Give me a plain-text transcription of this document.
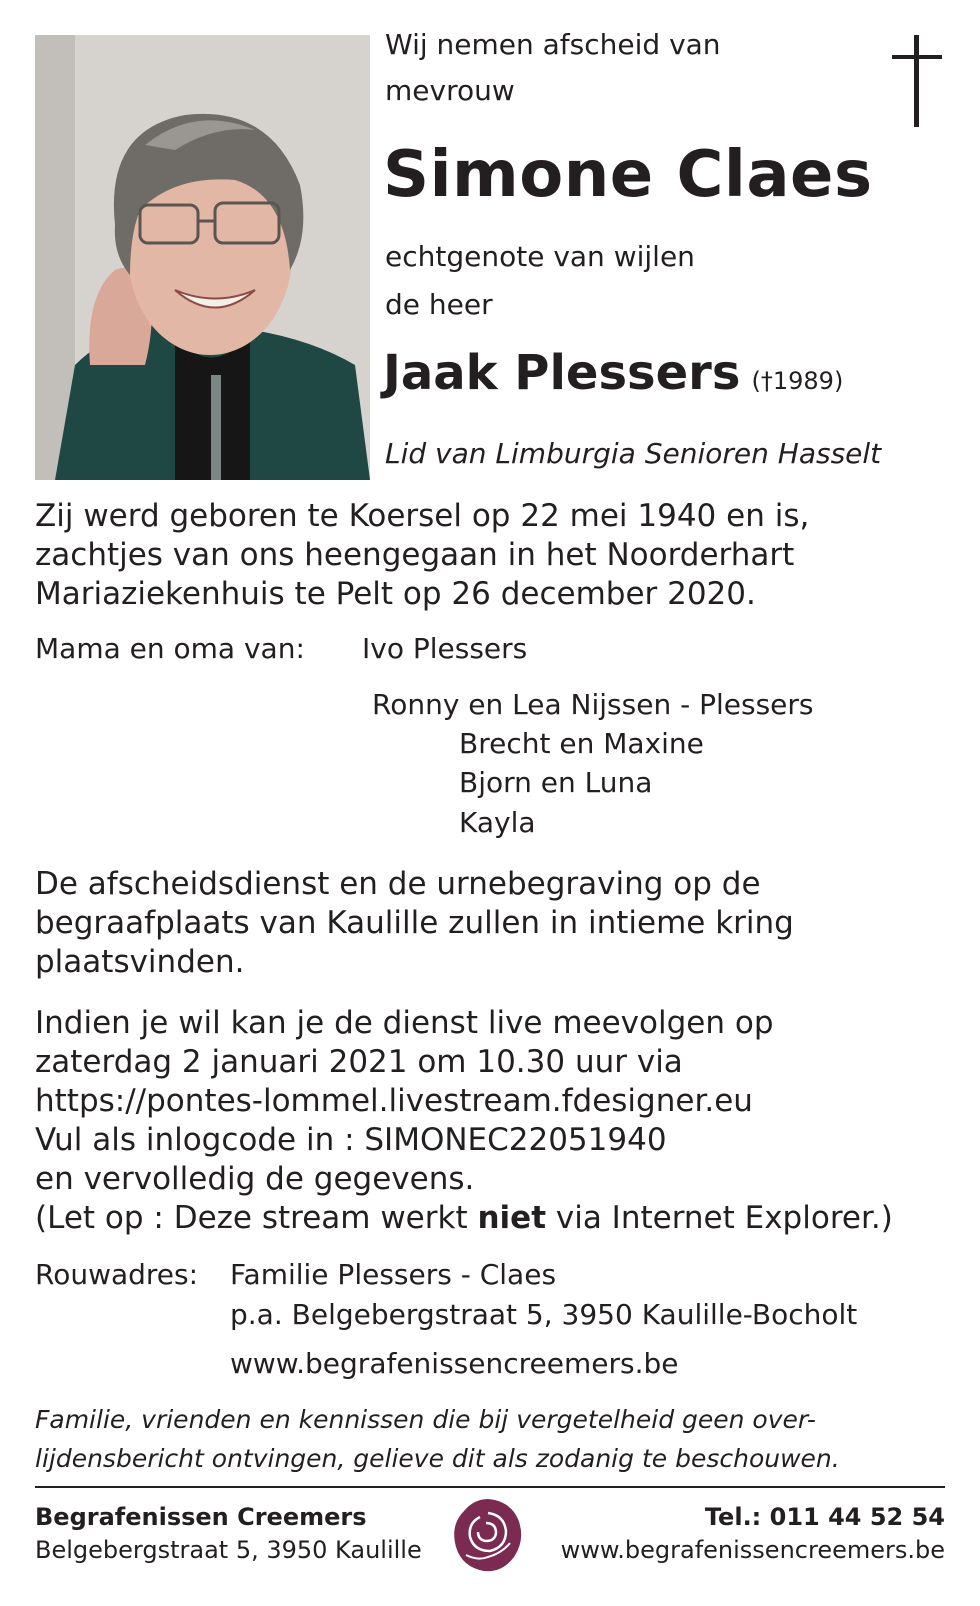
Wij nemen afscheid van
mevrouw
Simone Claes
echtgenote van wijlen
de heer
Jaak Plessers (†1989)
Lid van Limburgia Senioren Hasselt
Zij werd geboren te Koersel op 22 mei 1940 en is,
zachtjes van ons heengegaan in het Noorderhart
Mariaziekenhuis te Pelt op 26 december 2020.
Mama en oma van: Ivo Plessers
Ronny en Lea Nijssen - Plessers
Brecht en Maxine
Bjorn en Luna
Kayla
De afscheidsdienst en de urnebegraving op de
begraafplaats van Kaulille zullen in intieme kring
plaatsvinden.
Indien je wil kan je de dienst live meevolgen op
zaterdag 2 januari 2021 om 10.30 uur via
https://pontes-lommel.livestream.fdesigner.eu
Vul als inlogcode in : SIMONEC22051940
en vervolledig de gegevens.
(Let op : Deze stream werkt niet via Internet Explorer.)
Rouwadres: Familie Plessers - Claes
p.a. Belgebergstraat 5, 3950 Kaulille-Bocholt
www.begrafenissencreemers.be
Familie, vrienden en kennissen die bij vergetelheid geen over-
lijdensbericht ontvingen, gelieve dit als zodanig te beschouwen.
Begrafenissen Creemers
Belgebergstraat 5, 3950 Kaulille
Tel.: 011 44 52 54
www.begrafenissencreemers.be
